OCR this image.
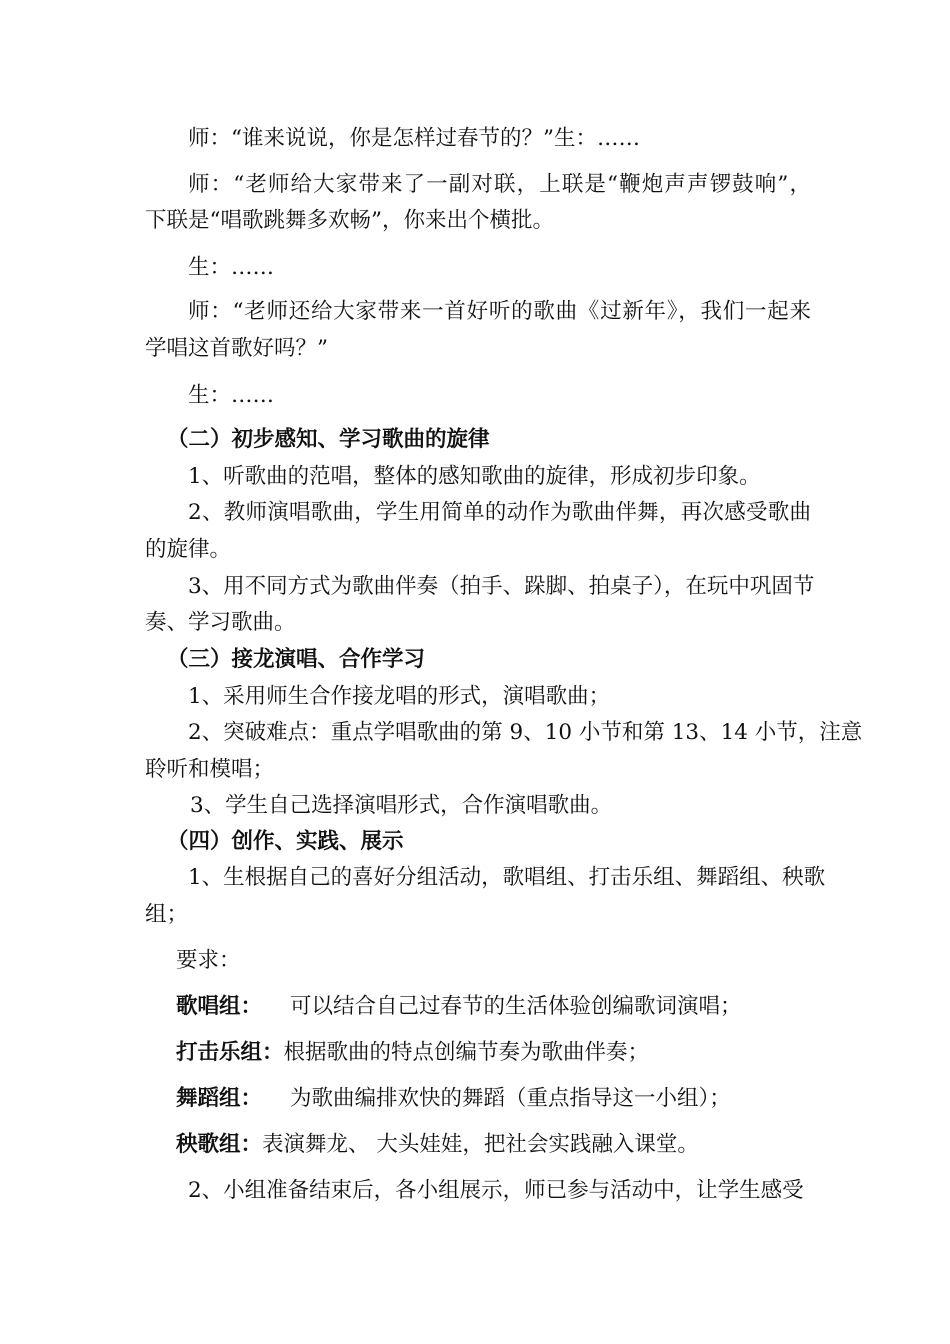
师：“谁来说说，你是怎样过春节的？”生：……
师：“老师给大家带来了一副对联，上联是“鞭炮声声锣鼓响”，
下联是“唱歌跳舞多欢畅”，你来出个横批。
生：……
师：“老师还给大家带来一首好听的歌曲《过新年》，我们一起来
学唱这首歌好吗？”
生：……
（二）初步感知、学习歌曲的旋律
1、听歌曲的范唱，整体的感知歌曲的旋律，形成初步印象。
2、教师演唱歌曲，学生用简单的动作为歌曲伴舞，再次感受歌曲
的旋律。
3、用不同方式为歌曲伴奏（拍手、跺脚、拍桌子），在玩中巩固节
奏、学习歌曲。
（三）接龙演唱、合作学习
1、采用师生合作接龙唱的形式，演唱歌曲；
2、突破难点：重点学唱歌曲的第 9、10 小节和第 13、14 小节，注意
聆听和模唱；
3、学生自己选择演唱形式，合作演唱歌曲。
（四）创作、实践、展示
1、生根据自己的喜好分组活动，歌唱组、打击乐组、舞蹈组、秧歌
组；
要求：
歌唱组： 可以结合自己过春节的生活体验创编歌词演唱；
打击乐组：根据歌曲的特点创编节奏为歌曲伴奏；
舞蹈组： 为歌曲编排欢快的舞蹈（重点指导这一小组）；
秧歌组：表演舞龙、 大头娃娃，把社会实践融入课堂。
2、小组准备结束后，各小组展示，师已参与活动中，让学生感受
